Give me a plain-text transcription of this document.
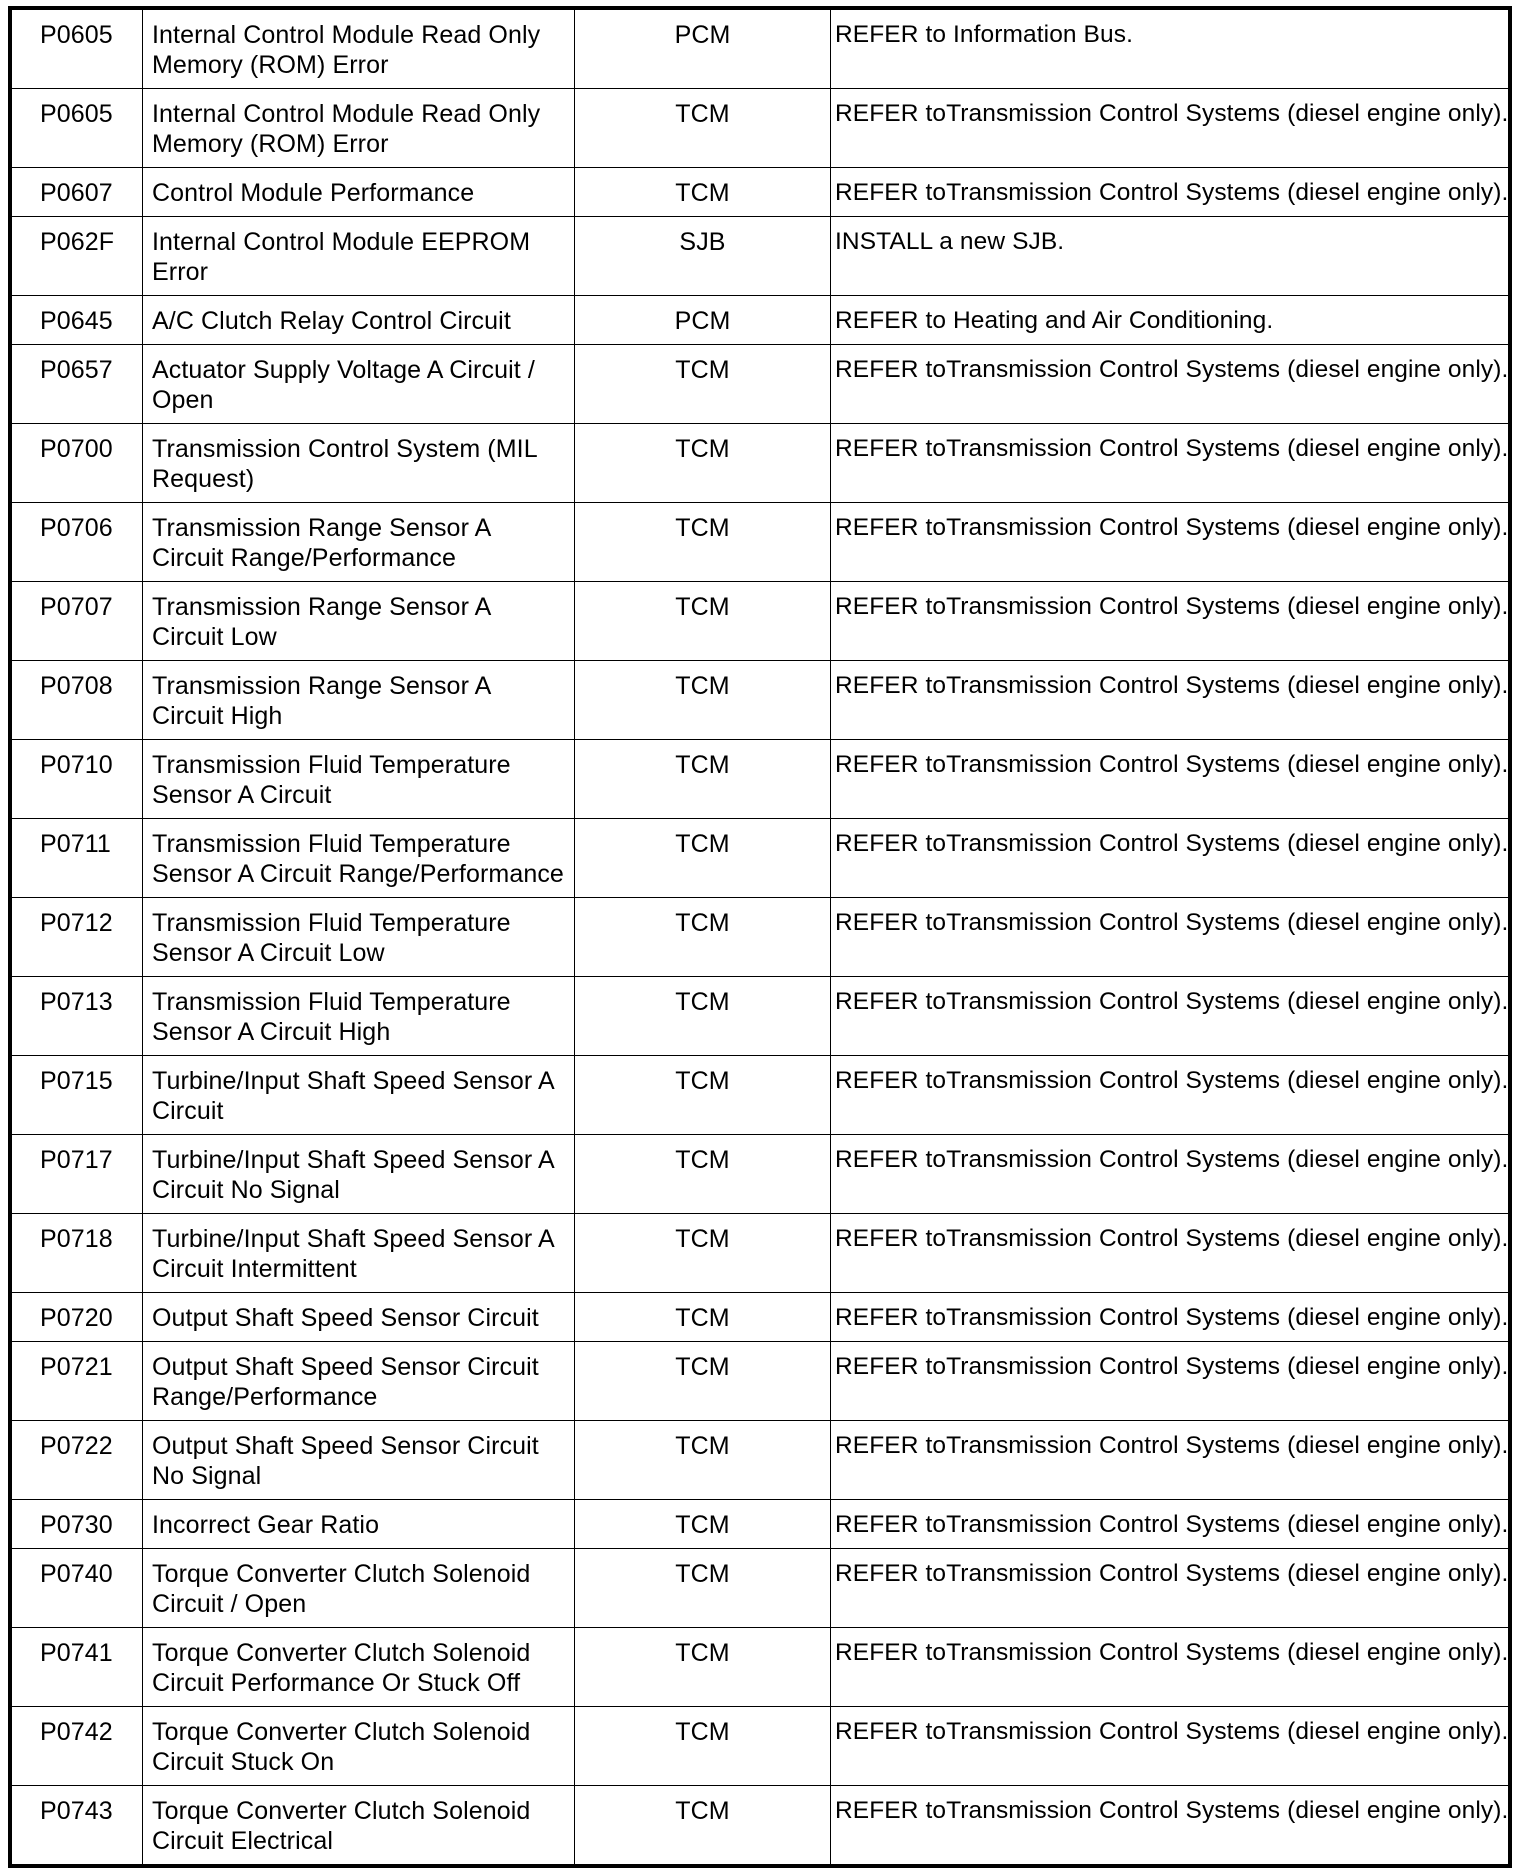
P0605	Internal Control Module Read Only
Memory (ROM) Error	PCM	REFER to Information Bus.
P0605	Internal Control Module Read Only
Memory (ROM) Error	TCM	REFER toTransmission Control Systems (diesel engine only).
P0607	Control Module Performance	TCM	REFER toTransmission Control Systems (diesel engine only).
P062F	Internal Control Module EEPROM
Error	SJB	INSTALL a new SJB.
P0645	A/C Clutch Relay Control Circuit	PCM	REFER to Heating and Air Conditioning.
P0657	Actuator Supply Voltage A Circuit /
Open	TCM	REFER toTransmission Control Systems (diesel engine only).
P0700	Transmission Control System (MIL
Request)	TCM	REFER toTransmission Control Systems (diesel engine only).
P0706	Transmission Range Sensor A
Circuit Range/Performance	TCM	REFER toTransmission Control Systems (diesel engine only).
P0707	Transmission Range Sensor A
Circuit Low	TCM	REFER toTransmission Control Systems (diesel engine only).
P0708	Transmission Range Sensor A
Circuit High	TCM	REFER toTransmission Control Systems (diesel engine only).
P0710	Transmission Fluid Temperature
Sensor A Circuit	TCM	REFER toTransmission Control Systems (diesel engine only).
P0711	Transmission Fluid Temperature
Sensor A Circuit Range/Performance	TCM	REFER toTransmission Control Systems (diesel engine only).
P0712	Transmission Fluid Temperature
Sensor A Circuit Low	TCM	REFER toTransmission Control Systems (diesel engine only).
P0713	Transmission Fluid Temperature
Sensor A Circuit High	TCM	REFER toTransmission Control Systems (diesel engine only).
P0715	Turbine/Input Shaft Speed Sensor A
Circuit	TCM	REFER toTransmission Control Systems (diesel engine only).
P0717	Turbine/Input Shaft Speed Sensor A
Circuit No Signal	TCM	REFER toTransmission Control Systems (diesel engine only).
P0718	Turbine/Input Shaft Speed Sensor A
Circuit Intermittent	TCM	REFER toTransmission Control Systems (diesel engine only).
P0720	Output Shaft Speed Sensor Circuit	TCM	REFER toTransmission Control Systems (diesel engine only).
P0721	Output Shaft Speed Sensor Circuit
Range/Performance	TCM	REFER toTransmission Control Systems (diesel engine only).
P0722	Output Shaft Speed Sensor Circuit
No Signal	TCM	REFER toTransmission Control Systems (diesel engine only).
P0730	Incorrect Gear Ratio	TCM	REFER toTransmission Control Systems (diesel engine only).
P0740	Torque Converter Clutch Solenoid
Circuit / Open	TCM	REFER toTransmission Control Systems (diesel engine only).
P0741	Torque Converter Clutch Solenoid
Circuit Performance Or Stuck Off	TCM	REFER toTransmission Control Systems (diesel engine only).
P0742	Torque Converter Clutch Solenoid
Circuit Stuck On	TCM	REFER toTransmission Control Systems (diesel engine only).
P0743	Torque Converter Clutch Solenoid
Circuit Electrical	TCM	REFER toTransmission Control Systems (diesel engine only).
